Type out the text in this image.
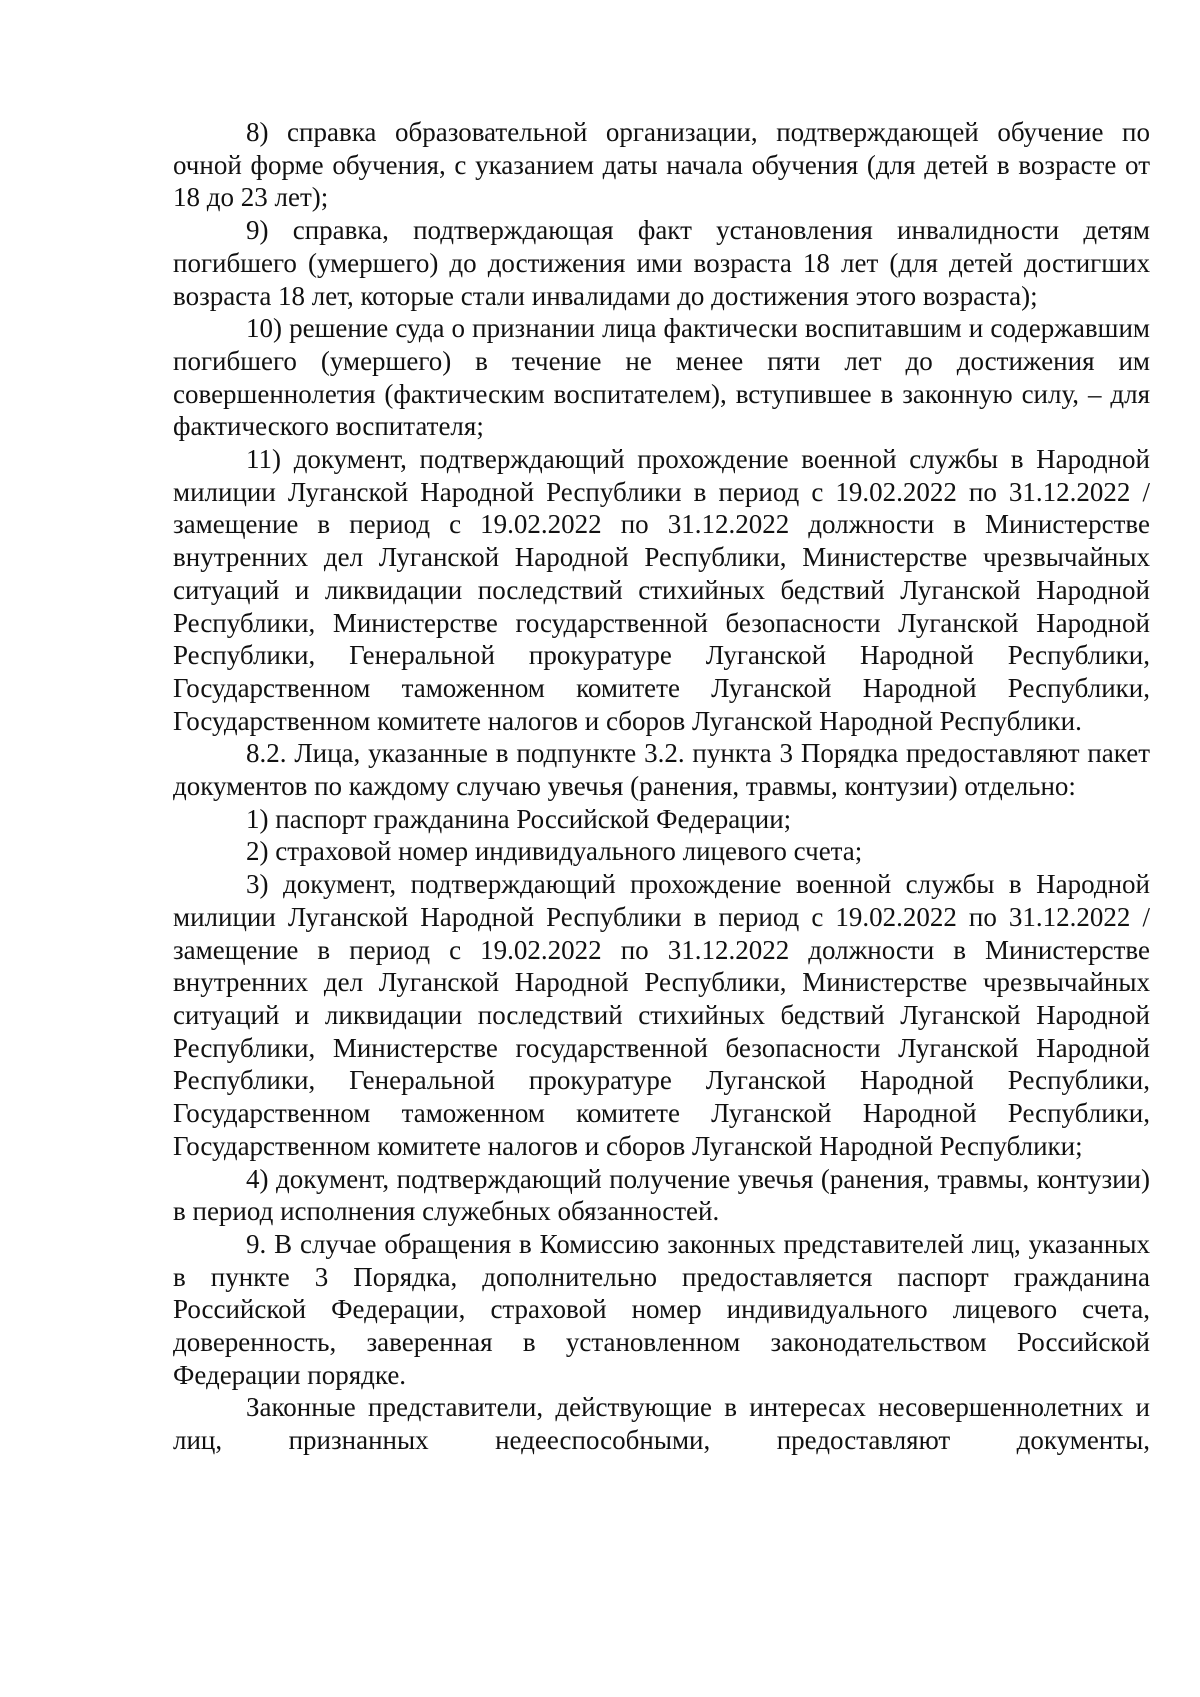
8) справка образовательной организации, подтверждающей обучение по очной форме обучения, с указанием даты начала обучения (для детей в возрасте от 18 до 23 лет);

9) справка, подтверждающая факт установления инвалидности детям погибшего (умершего) до достижения ими возраста 18 лет (для детей достигших возраста 18 лет, которые стали инвалидами до достижения этого возраста);

10) решение суда о признании лица фактически воспитавшим и содержавшим погибшего (умершего) в течение не менее пяти лет до достижения им совершеннолетия (фактическим воспитателем), вступившее в законную силу, – для фактического воспитателя;

11) документ, подтверждающий прохождение военной службы в Народной милиции Луганской Народной Республики в период с 19.02.2022 по 31.12.2022 / замещение в период с 19.02.2022 по 31.12.2022 должности в Министерстве внутренних дел Луганской Народной Республики, Министерстве чрезвычайных ситуаций и ликвидации последствий стихийных бедствий Луганской Народной Республики, Министерстве государственной безопасности Луганской Народной Республики, Генеральной прокуратуре Луганской Народной Республики, Государственном таможенном комитете Луганской Народной Республики, Государственном комитете налогов и сборов Луганской Народной Республики.

8.2. Лица, указанные в подпункте 3.2. пункта 3 Порядка предоставляют пакет документов по каждому случаю увечья (ранения, травмы, контузии) отдельно:

1) паспорт гражданина Российской Федерации;

2) страховой номер индивидуального лицевого счета;

3) документ, подтверждающий прохождение военной службы в Народной милиции Луганской Народной Республики в период с 19.02.2022 по 31.12.2022 / замещение в период с 19.02.2022 по 31.12.2022 должности в Министерстве внутренних дел Луганской Народной Республики, Министерстве чрезвычайных ситуаций и ликвидации последствий стихийных бедствий Луганской Народной Республики, Министерстве государственной безопасности Луганской Народной Республики, Генеральной прокуратуре Луганской Народной Республики, Государственном таможенном комитете Луганской Народной Республики, Государственном комитете налогов и сборов Луганской Народной Республики;

4) документ, подтверждающий получение увечья (ранения, травмы, контузии) в период исполнения служебных обязанностей.

9. В случае обращения в Комиссию законных представителей лиц, указанных в пункте 3 Порядка, дополнительно предоставляется паспорт гражданина Российской Федерации, страховой номер индивидуального лицевого счета, доверенность, заверенная в установленном законодательством Российской Федерации порядке.

Законные представители, действующие в интересах несовершеннолетних и лиц, признанных недееспособными, предоставляют документы,
